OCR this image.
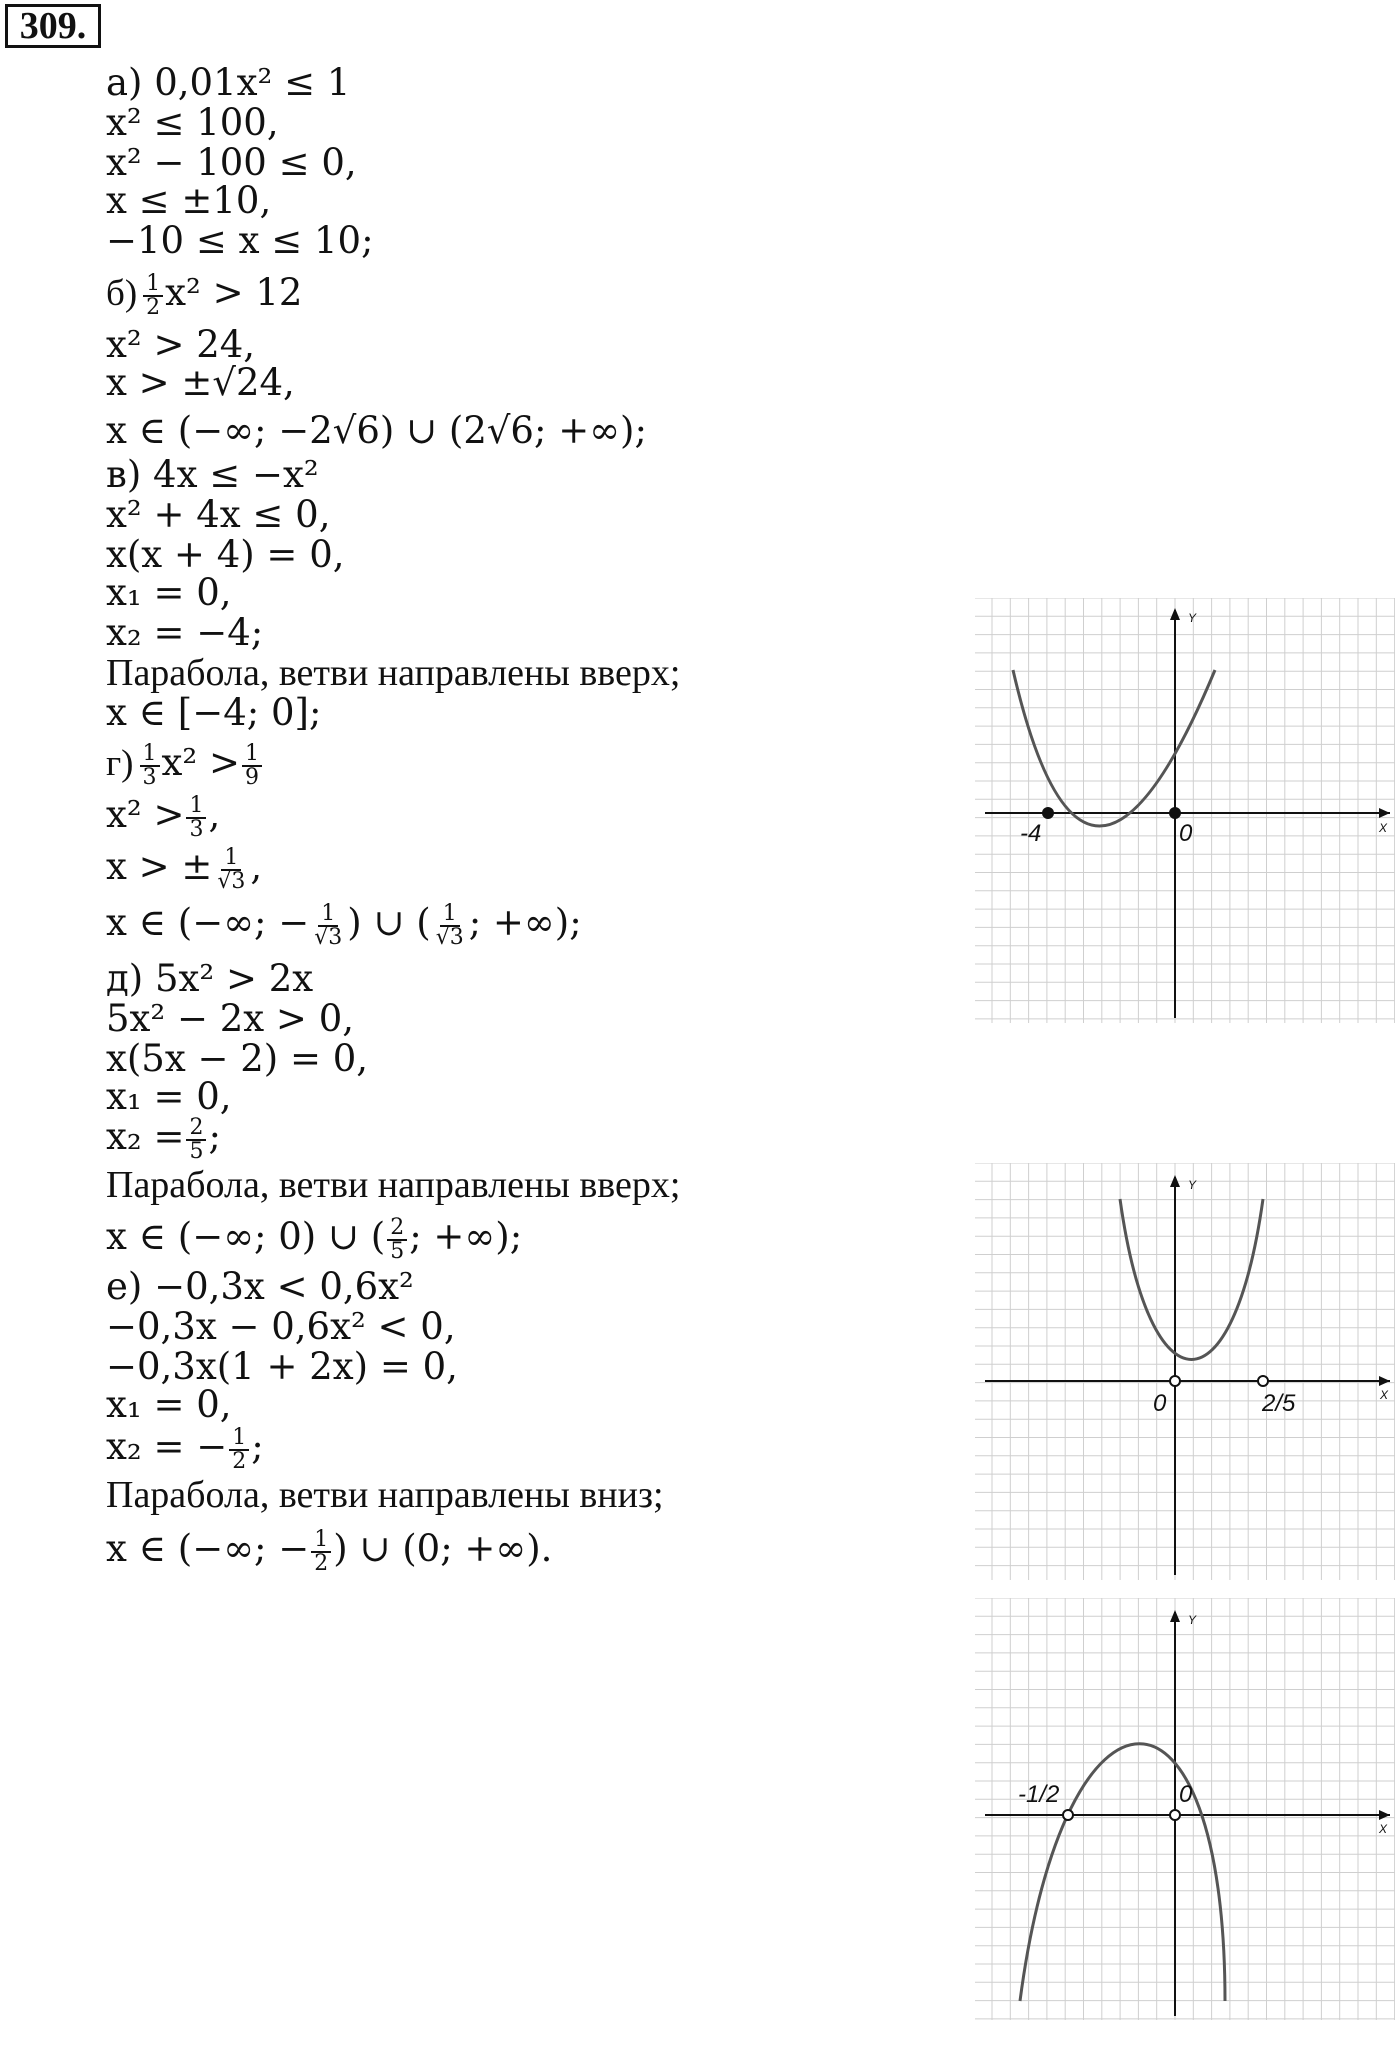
309.
а) 0,01x² ≤ 1
x² ≤ 100,
x² − 100 ≤ 0,
x ≤ ±10,
−10 ≤ x ≤ 10;
$б) \frac{1}{2} x^2 > 12$
x² > 24,
x > ±√24,
x ∈ (−∞; −2√6) ∪ (2√6; +∞);
в) 4x ≤ −x²
x² + 4x ≤ 0,
x(x + 4) = 0,
x₁ = 0,
x₂ = −4;
Парабола, ветви направлены вверх;
x ∈ [−4; 0];
$г) \frac{1}{3} x^2 > \frac{1}{9}$
$x^2 > \frac{1}{3}$ ,
x > ± $\frac{1}{√3}$ ,
x ∈ (−∞; − $\frac{1}{√3}$ ) ∪ ( $\frac{1}{√3}$ ; +∞);
д) 5x² > 2x
5x² − 2x > 0,
x(5x − 2) = 0,
x₁ = 0,
$x_2 = \frac{2}{5}$ ;
Парабола, ветви направлены вверх;
x ∈ (−∞; 0) ∪ ( $\frac{2}{5}$ ; +∞);
е) −0,3x < 0,6x²
−0,3x − 0,6x² < 0,
−0,3x(1 + 2x) = 0,
x₁ = 0,
x₂ = − $\frac{1}{2}$ ;
Парабола, ветви направлены вниз;
x ∈ (−∞; − $\frac{1}{2}$ ) ∪ (0; +∞).
X
Y
-4	0
X
Y
0	2/5
X
Y
-1/2	0
